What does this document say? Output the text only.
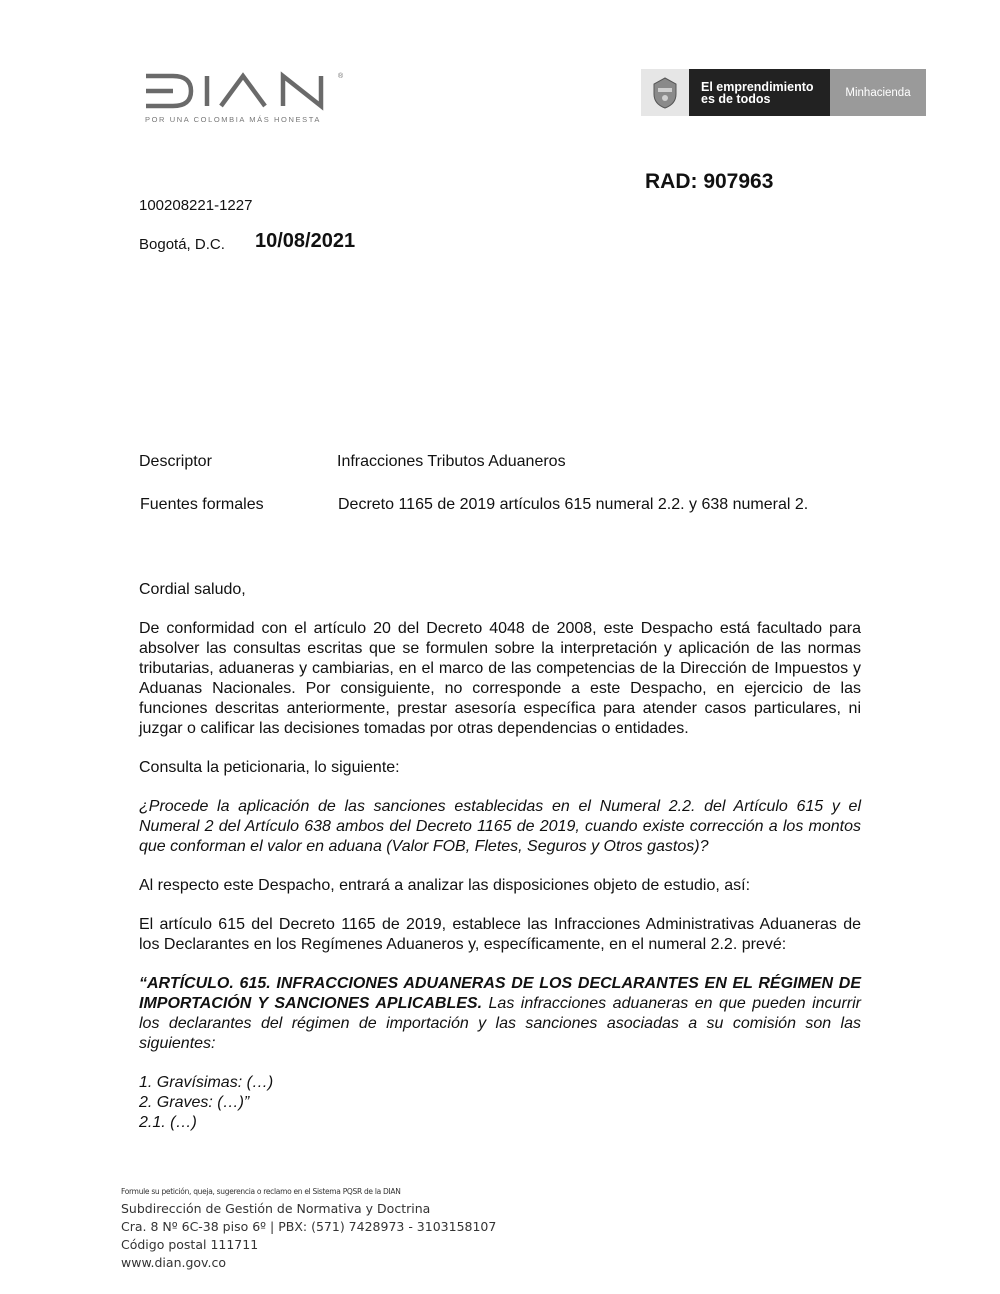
®
POR UNA COLOMBIA MÁS HONESTA
El emprendimiento
es de todos	Minhacienda
RAD: 907963
100208221-1227
Bogotá, D.C. 10/08/2021
Descriptor	Infracciones Tributos Aduaneros
Fuentes formales	Decreto 1165 de 2019 artículos 615 numeral 2.2. y 638 numeral 2.

Cordial saludo,

De conformidad con el artículo 20 del Decreto 4048 de 2008, este Despacho está facultado para absolver las consultas escritas que se formulen sobre la interpretación y aplicación de las normas tributarias, aduaneras y cambiarias, en el marco de las competencias de la Dirección de Impuestos y Aduanas Nacionales. Por consiguiente, no corresponde a este Despacho, en ejercicio de las funciones descritas anteriormente, prestar asesoría específica para atender casos particulares, ni juzgar o calificar las decisiones tomadas por otras dependencias o entidades.

Consulta la peticionaria, lo siguiente:

¿Procede la aplicación de las sanciones establecidas en el Numeral 2.2. del Artículo 615 y el Numeral 2 del Artículo 638 ambos del Decreto 1165 de 2019, cuando existe corrección a los montos que conforman el valor en aduana (Valor FOB, Fletes, Seguros y Otros gastos)?

Al respecto este Despacho, entrará a analizar las disposiciones objeto de estudio, así:

El artículo 615 del Decreto 1165 de 2019, establece las Infracciones Administrativas Aduaneras de los Declarantes en los Regímenes Aduaneros y, específicamente, en el numeral 2.2. prevé:

“ARTÍCULO. 615. INFRACCIONES ADUANERAS DE LOS DECLARANTES EN EL RÉGIMEN DE IMPORTACIÓN Y SANCIONES APLICABLES. Las infracciones aduaneras en que pueden incurrir los declarantes del régimen de importación y las sanciones asociadas a su comisión son las siguientes:

1. Gravísimas: (…)
2. Graves: (…)”
2.1. (…)
Formule su petición, queja, sugerencia o reclamo en el Sistema PQSR de la DIAN
Subdirección de Gestión de Normativa y Doctrina
Cra. 8 Nº 6C-38 piso 6º | PBX: (571) 7428973 - 3103158107
Código postal 111711
www.dian.gov.co
